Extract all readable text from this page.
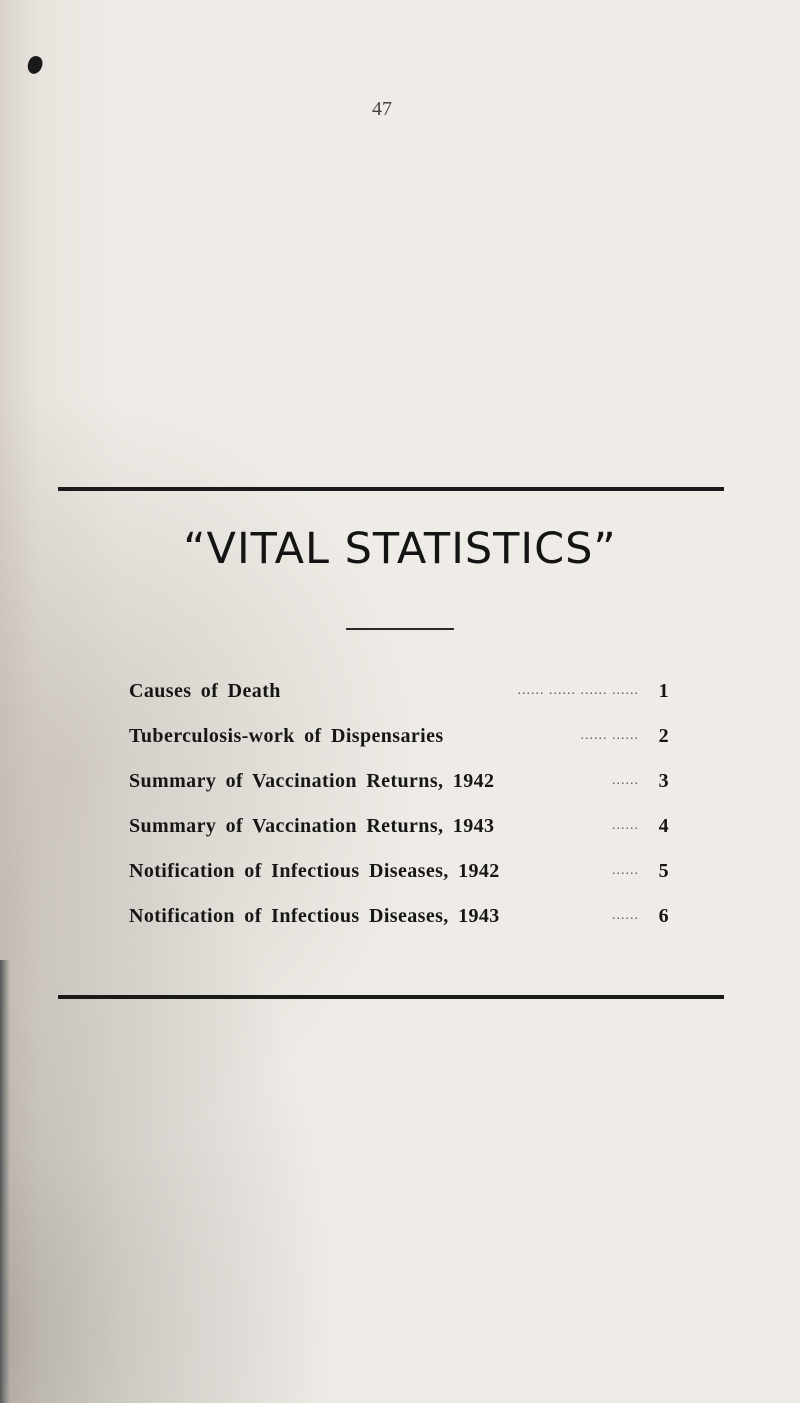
47
“VITAL STATISTICS”
...... ...... ...... ......
Causes of Death	1
...... ......
Tuberculosis-work of Dispensaries	2
......
Summary of Vaccination Returns, 1942	3
......
Summary of Vaccination Returns, 1943	4
......
Notification of Infectious Diseases, 1942	5
......
Notification of Infectious Diseases, 1943	6
